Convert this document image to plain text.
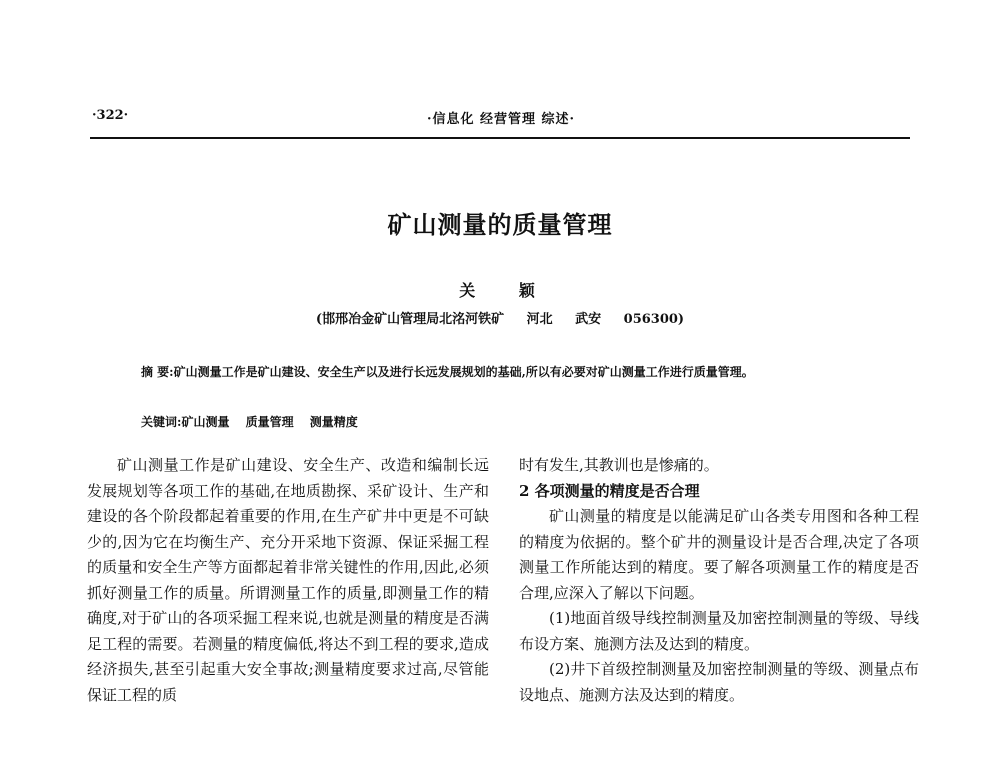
·322·	·信息化 经营管理 综述·
矿山测量的质量管理
关 颖
(邯邢冶金矿山管理局北洺河铁矿 河北 武安 056300)
摘 要:矿山测量工作是矿山建设、安全生产以及进行长远发展规划的基础,所以有必要对矿山测量工作进行质量管理。
关键词:矿山测量 质量管理 测量精度

矿山测量工作是矿山建设、安全生产、改造和编制长远发展规划等各项工作的基础,在地质勘探、采矿设计、生产和建设的各个阶段都起着重要的作用,在生产矿井中更是不可缺少的,因为它在均衡生产、充分开采地下资源、保证采掘工程的质量和安全生产等方面都起着非常关键性的作用,因此,必须抓好测量工作的质量。所谓测量工作的质量,即测量工作的精确度,对于矿山的各项采掘工程来说,也就是测量的精度是否满足工程的需要。若测量的精度偏低,将达不到工程的要求,造成经济损失,甚至引起重大安全事故;测量精度要求过高,尽管能保证工程的质

时有发生,其教训也是惨痛的。

2 各项测量的精度是否合理

矿山测量的精度是以能满足矿山各类专用图和各种工程的精度为依据的。整个矿井的测量设计是否合理,决定了各项测量工作所能达到的精度。要了解各项测量工作的精度是否合理,应深入了解以下问题。

(1)地面首级导线控制测量及加密控制测量的等级、导线布设方案、施测方法及达到的精度。

(2)井下首级控制测量及加密控制测量的等级、测量点布设地点、施测方法及达到的精度。
